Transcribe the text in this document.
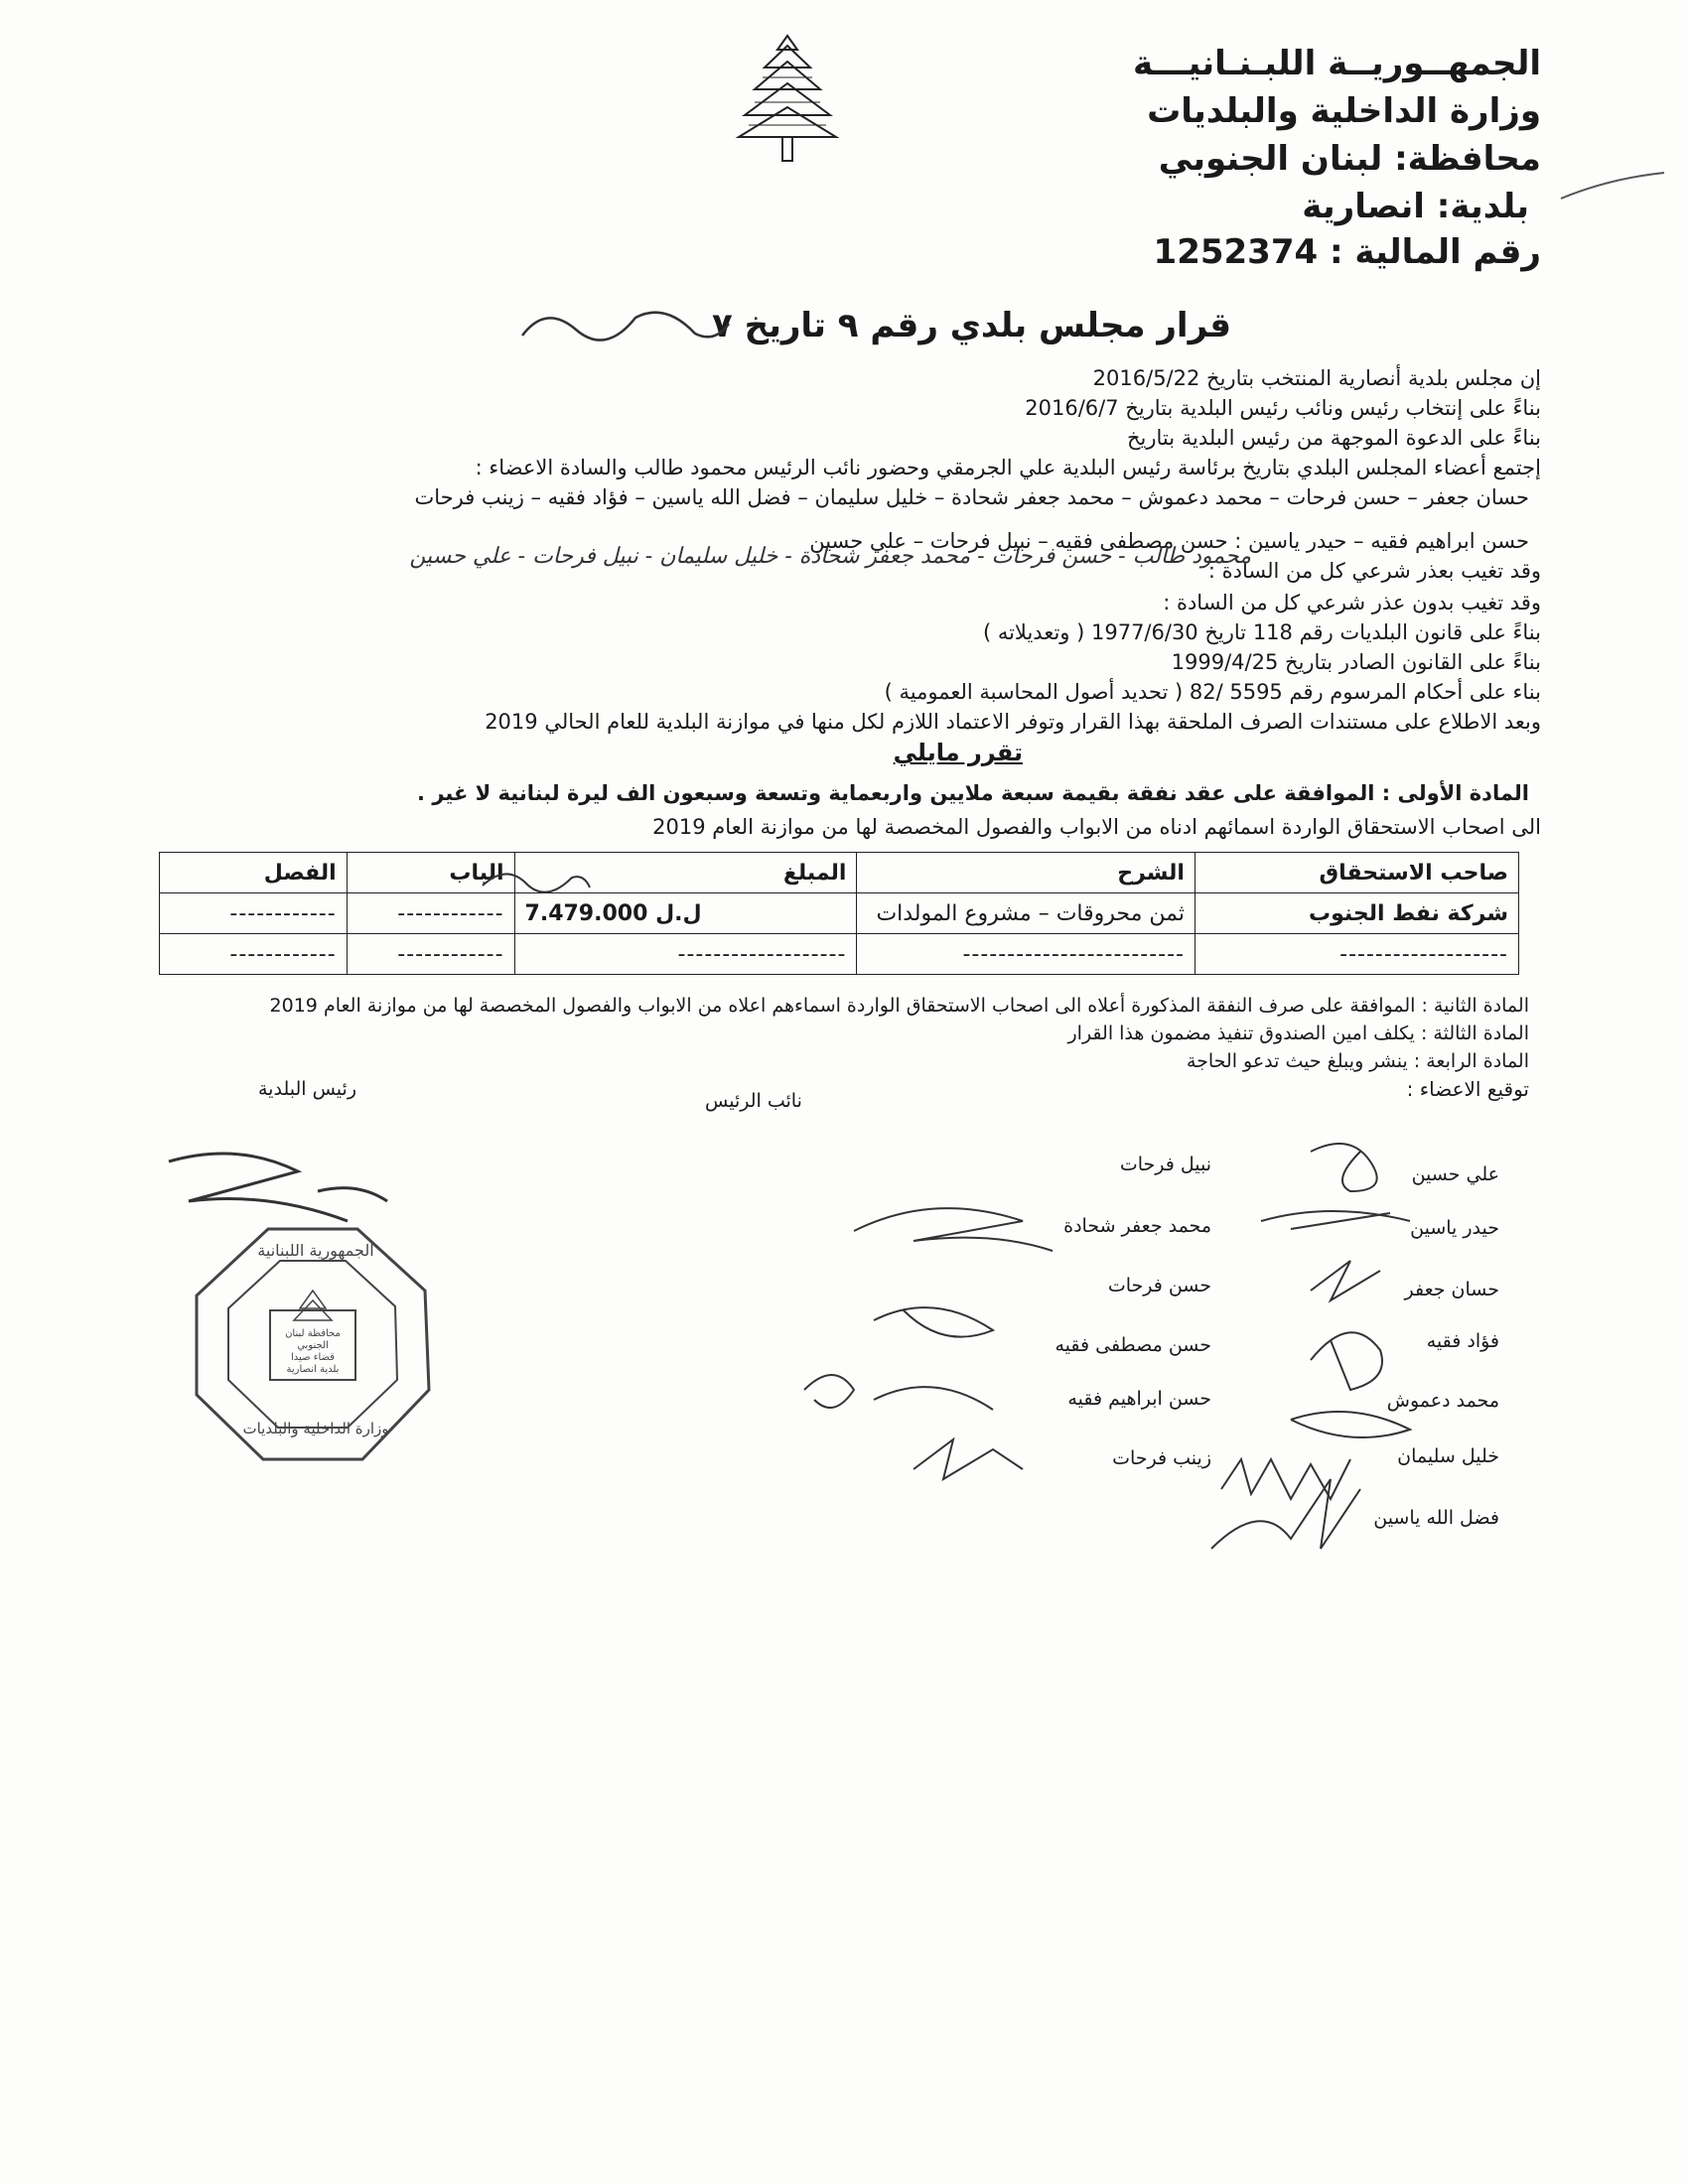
الجمهــوريــة اللبـنـانيـــة
وزارة الداخلية والبلديات
محافظة: لبنان الجنوبي
بلدية: انصارية
رقم المالية : 1252374
قرار مجلس بلدي رقم ٩ تاريخ ٧
إن مجلس بلدية أنصارية المنتخب بتاريخ 2016/5/22
بناءً على إنتخاب رئيس ونائب رئيس البلدية بتاريخ 2016/6/7
بناءً على الدعوة الموجهة من رئيس البلدية بتاريخ
إجتمع أعضاء المجلس البلدي بتاريخ برئاسة رئيس البلدية علي الجرمقي وحضور نائب الرئيس محمود طالب والسادة الاعضاء :
حسان جعفر – حسن فرحات – محمد دعموش – محمد جعفر شحادة – خليل سليمان – فضل الله ياسين – فؤاد فقيه – زينب فرحات
حسن ابراهيم فقيه – حيدر ياسين : حسن مصطفى فقيه – نبيل فرحات – علي حسين
وقد تغيب بعذر شرعي كل من السادة :
محمود طالب - حسن فرحات - محمد جعفر شحادة - خليل سليمان - نبيل فرحات - علي حسين
وقد تغيب بدون عذر شرعي كل من السادة :
بناءً على قانون البلديات رقم 118 تاريخ 1977/6/30 ( وتعديلاته )
بناءً على القانون الصادر بتاريخ 1999/4/25
بناء على أحكام المرسوم رقم 5595 /82 ( تحديد أصول المحاسبة العمومية )
وبعد الاطلاع على مستندات الصرف الملحقة بهذا القرار وتوفر الاعتماد اللازم لكل منها في موازنة البلدية للعام الحالي 2019
تقرر مايلي
المادة الأولى : الموافقة على عقد نفقة بقيمة سبعة ملايين واربعماية وتسعة وسبعون الف ليرة لبنانية لا غير .
الى اصحاب الاستحقاق الواردة اسمائهم ادناه من الابواب والفصول المخصصة لها من موازنة العام 2019
صاحب الاستحقاق	الشرح	المبلغ	الباب	الفصل
شركة نفط الجنوب	ثمن محروقات – مشروع المولدات	7.479.000 ل.ل	------------	------------
-------------------	-------------------------	-------------------	------------	------------
المادة الثانية : الموافقة على صرف النفقة المذكورة أعلاه الى اصحاب الاستحقاق الواردة اسماءهم اعلاه من الابواب والفصول المخصصة لها من موازنة العام 2019
المادة الثالثة : يكلف امين الصندوق تنفيذ مضمون هذا القرار
المادة الرابعة : ينشر ويبلغ حيث تدعو الحاجة
توقيع الاعضاء :
رئيس البلدية
نائب الرئيس
الجمهورية اللبنانية
وزارة الداخلية والبلديات
محافظة لبنان الجنوبي
قضاء صيدا
بلدية انصارية
علي حسين
حيدر ياسين
حسان جعفر
فؤاد فقيه
محمد دعموش
خليل سليمان
فضل الله ياسين
نبيل فرحات
محمد جعفر شحادة
حسن فرحات
حسن مصطفى فقيه
حسن ابراهيم فقيه
زينب فرحات
